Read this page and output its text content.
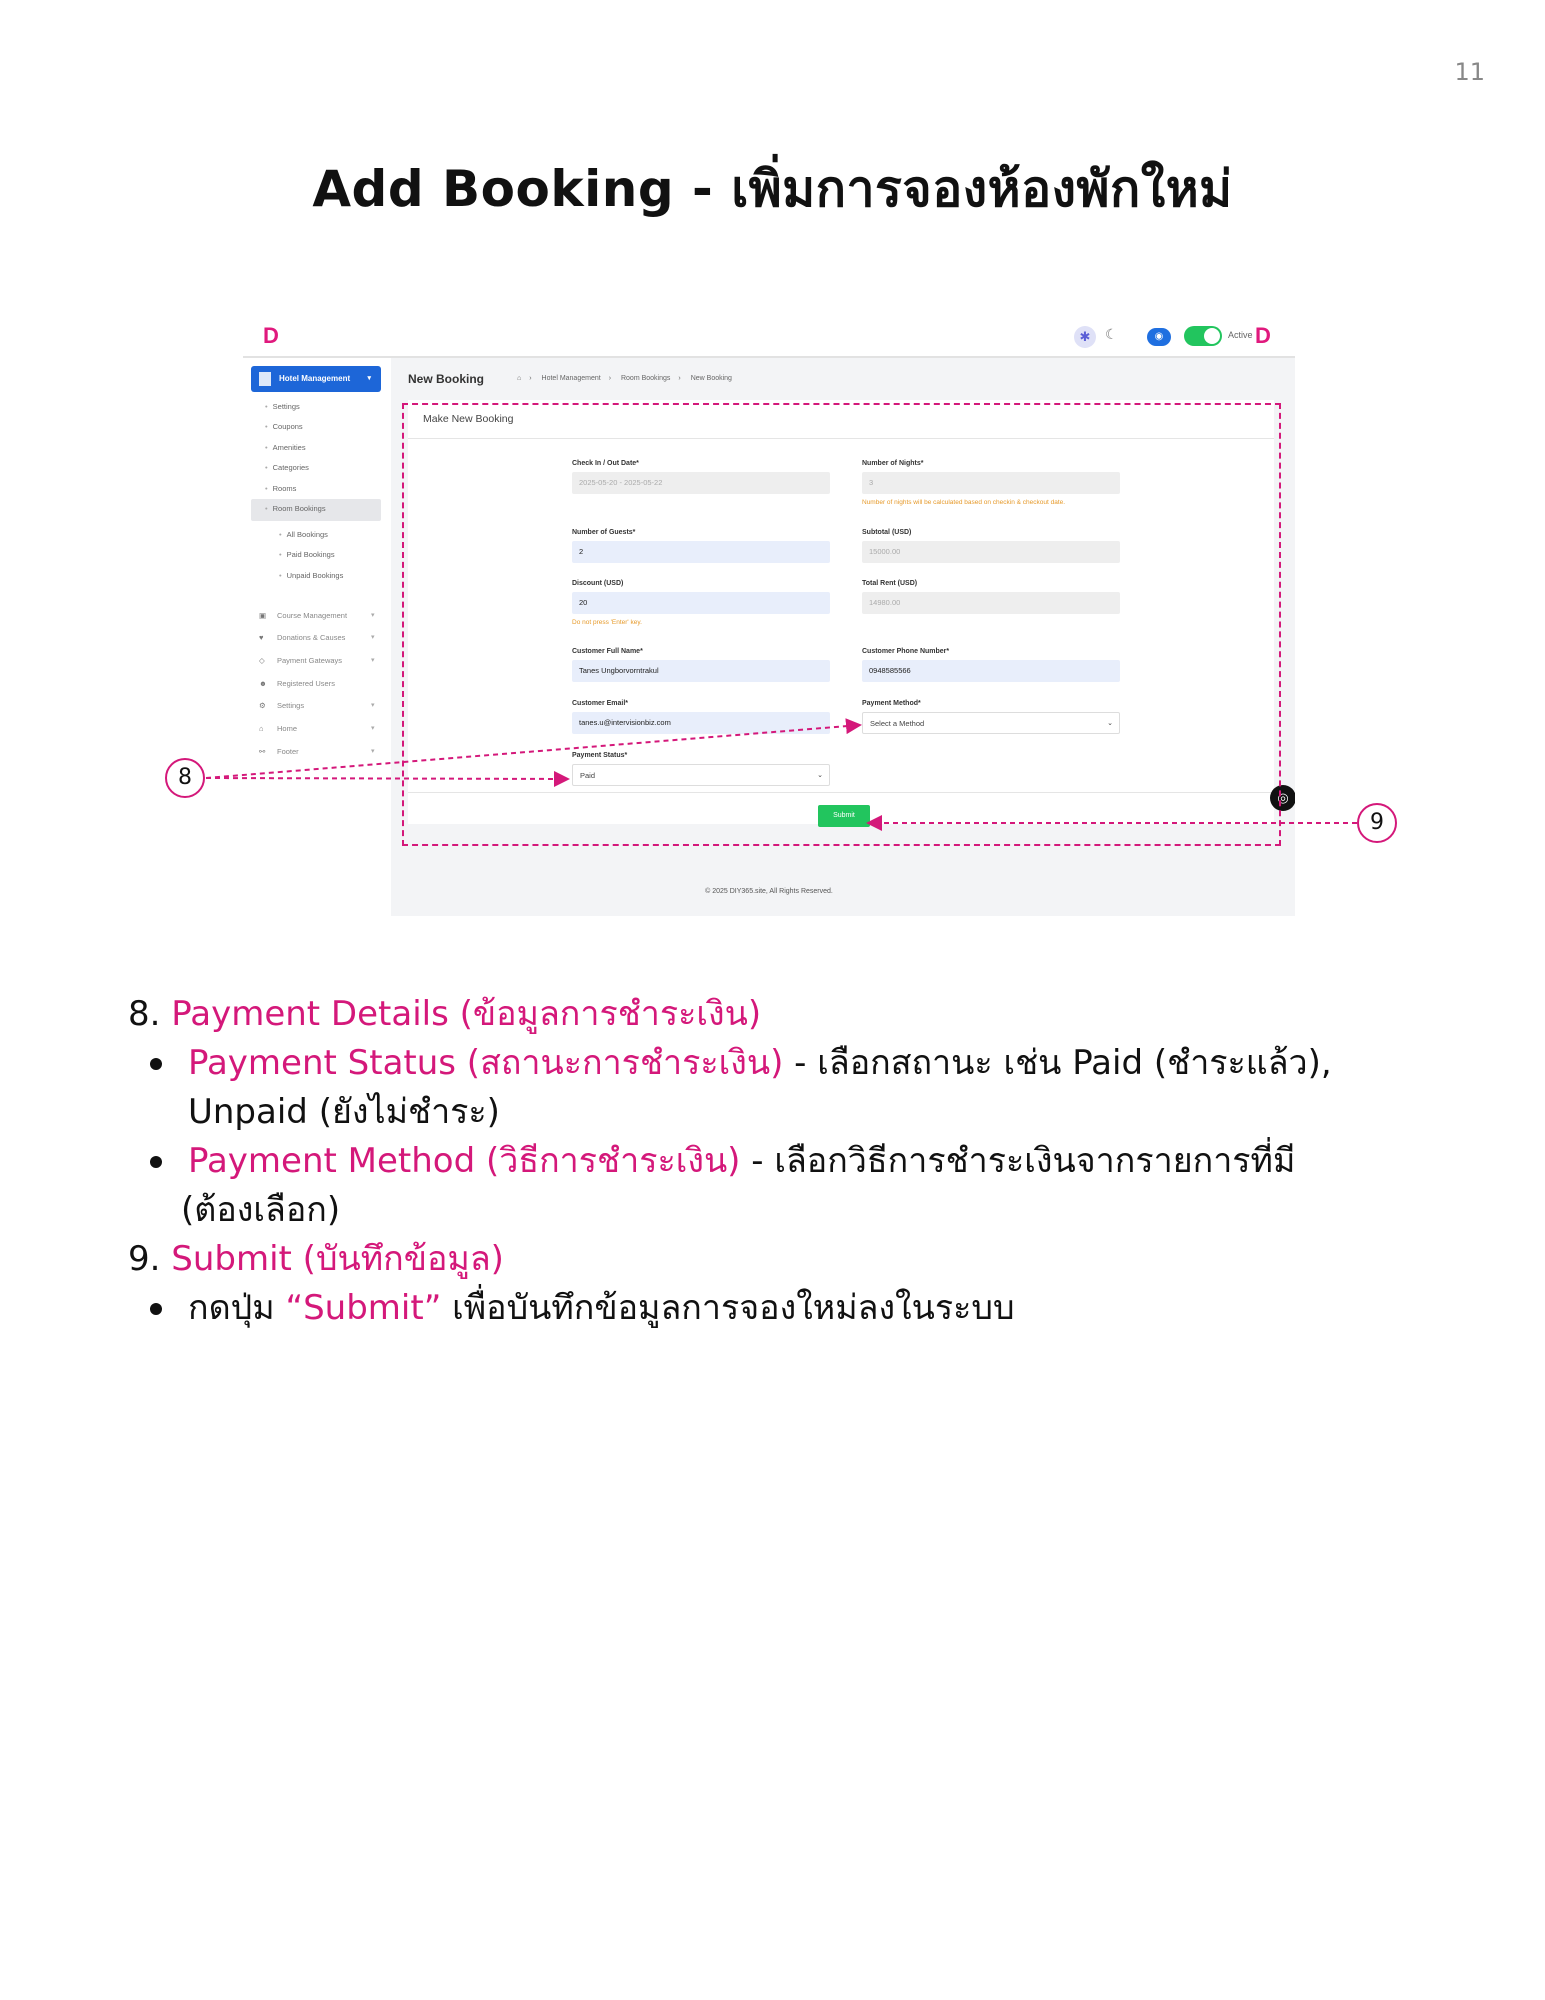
11
Add Booking - เพิ่มการจองห้องพักใหม่
D	✱	☾	◉	Active D
Hotel Management ▾
• Settings
• Coupons
• Amenities
• Categories
• Rooms
• Room Bookings
• All Bookings
• Paid Bookings
• Unpaid Bookings
▣ Course Management	▾
♥ Donations & Causes	▾
◇ Payment Gateways	▾
☻ Registered Users
⚙ Settings	▾
⌂ Home	▾
⚯ Footer	▾
New Booking	⌂ › Hotel Management › Room Bookings › New Booking
Make New Booking
Check In / Out Date*
2025-05-20 - 2025-05-22
Number of Nights*
3
Number of nights will be calculated based on checkin & checkout date.
Number of Guests*
2
Subtotal (USD)
15000.00
Discount (USD)
20
Do not press 'Enter' key.
Total Rent (USD)
14980.00
Customer Full Name*
Tanes Ungborvorntrakul
Customer Phone Number*
0948585566
Customer Email*
tanes.u@intervisionbiz.com
Payment Method*
Select a Method	⌄
Payment Status*
Paid	⌄
Submit
◎
© 2025 DIY365.site, All Rights Reserved.
8
9
8. Payment Details (ข้อมูลการชำระเงิน)
Payment Status (สถานะการชำระเงิน) - เลือกสถานะ เช่น Paid (ชำระแล้ว),
Unpaid (ยังไม่ชำระ)
Payment Method (วิธีการชำระเงิน) - เลือกวิธีการชำระเงินจากรายการที่มี
(ต้องเลือก)
9. Submit (บันทึกข้อมูล)
กดปุ่ม “Submit” เพื่อบันทึกข้อมูลการจองใหม่ลงในระบบ
